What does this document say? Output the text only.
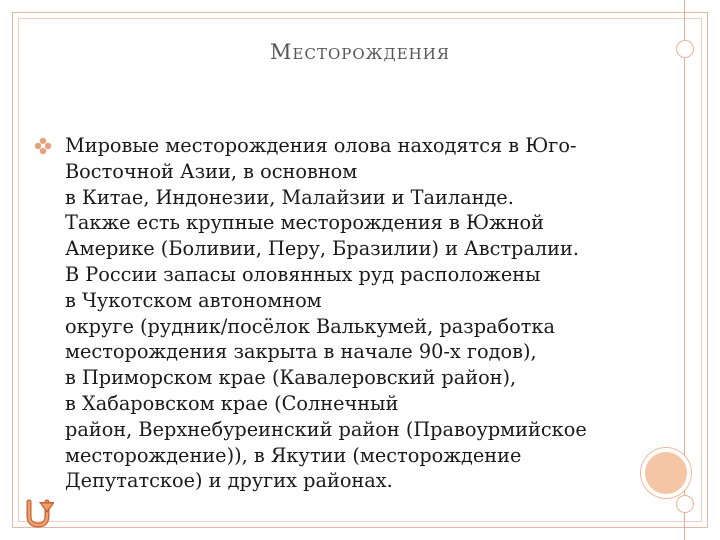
Месторождения

Мировые месторождения олова находятся в Юго-
Восточной Азии, в основном
в Китае, Индонезии, Малайзии и Таиланде.
Также есть крупные месторождения в Южной
Америке (Боливии, Перу, Бразилии) и Австралии.
В России запасы оловянных руд расположены
в Чукотском автономном
округе (рудник/посёлок Валькумей, разработка
месторождения закрыта в начале 90-х годов),
в Приморском крае (Кавалеровский район),
в Хабаровском крае (Солнечный
район, Верхнебуреинский район (Правоурмийское
месторождение)), в Якутии (месторождение
Депутатское) и других районах.
